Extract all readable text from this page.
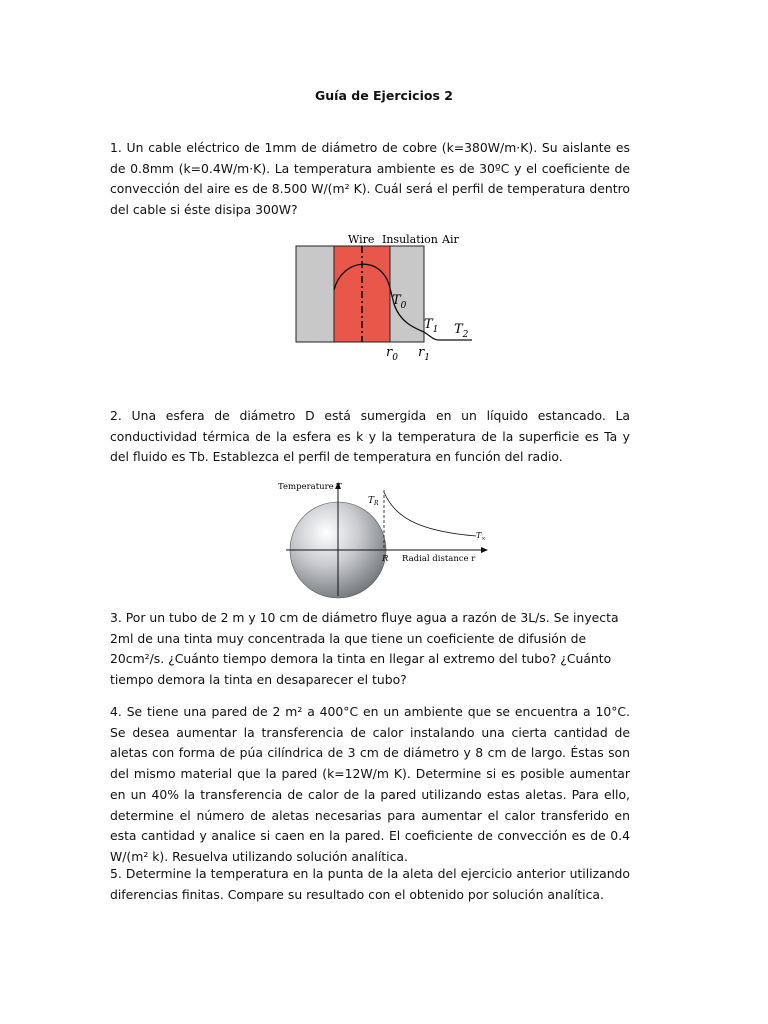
Guía de Ejercicios 2
1. Un cable eléctrico de 1mm de diámetro de cobre (k=380W/m·K). Su aislante es de 0.8mm (k=0.4W/m·K). La temperatura ambiente es de 30ºC y el coeficiente de convección del aire es de 8.500 W/(m² K). Cuál será el perfil de temperatura dentro del cable si éste disipa 300W?
Wire Insulation Air
$T_0$
$T_1$ $T_2$
$r_0$ $r_1$
2. Una esfera de diámetro D está sumergida en un líquido estancado. La conductividad térmica de la esfera es k y la temperatura de la superficie es Ta y del fluido es Tb. Establezca el perfil de temperatura en función del radio.
Temperature T
$T_R$
$T_\infty$
R Radial distance r
3. Por un tubo de 2 m y 10 cm de diámetro fluye agua a razón de 3L/s. Se inyecta 2ml de una tinta muy concentrada la que tiene un coeficiente de difusión de 20cm²/s. ¿Cuánto tiempo demora la tinta en llegar al extremo del tubo? ¿Cuánto tiempo demora la tinta en desaparecer el tubo?
4. Se tiene una pared de 2 m² a 400°C en un ambiente que se encuentra a 10°C. Se desea aumentar la transferencia de calor instalando una cierta cantidad de aletas con forma de púa cilíndrica de 3 cm de diámetro y 8 cm de largo. Éstas son del mismo material que la pared (k=12W/m K). Determine si es posible aumentar en un 40% la transferencia de calor de la pared utilizando estas aletas. Para ello, determine el número de aletas necesarias para aumentar el calor transferido en esta cantidad y analice si caen en la pared. El coeficiente de convección es de 0.4 W/(m² k). Resuelva utilizando solución analítica.
5. Determine la temperatura en la punta de la aleta del ejercicio anterior utilizando diferencias finitas. Compare su resultado con el obtenido por solución analítica.
